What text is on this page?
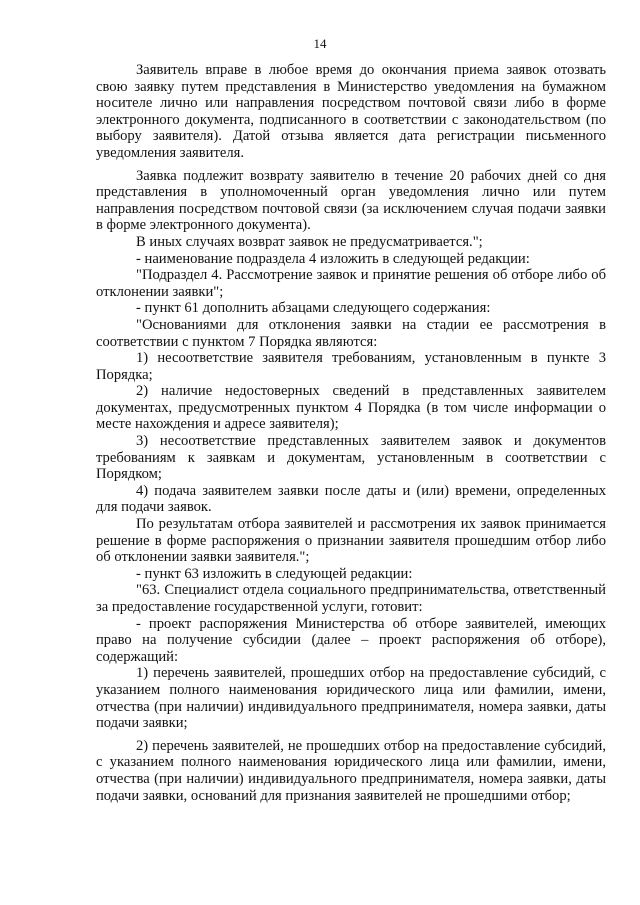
14

Заявитель вправе в любое время до окончания приема заявок отозвать свою заявку путем представления в Министерство уведомления на бумажном носителе лично или направления посредством почтовой связи либо в форме электронного документа, подписанного в соответствии с законодательством (по выбору заявителя). Датой отзыва является дата регистрации письменного уведомления заявителя.

Заявка подлежит возврату заявителю в течение 20 рабочих дней со дня представления в уполномоченный орган уведомления лично или путем направления посредством почтовой связи (за исключением случая подачи заявки в форме электронного документа).

В иных случаях возврат заявок не предусматривается.";

- наименование подраздела 4 изложить в следующей редакции:

"Подраздел 4. Рассмотрение заявок и принятие решения об отборе либо об отклонении заявки";

- пункт 61 дополнить абзацами следующего содержания:

"Основаниями для отклонения заявки на стадии ее рассмотрения в соответствии с пунктом 7 Порядка являются:

1) несоответствие заявителя требованиям, установленным в пункте 3 Порядка;

2) наличие недостоверных сведений в представленных заявителем документах, предусмотренных пунктом 4 Порядка (в том числе информации о месте нахождения и адресе заявителя);

3) несоответствие представленных заявителем заявок и документов требованиям к заявкам и документам, установленным в соответствии с Порядком;

4) подача заявителем заявки после даты и (или) времени, определенных для подачи заявок.

По результатам отбора заявителей и рассмотрения их заявок принимается решение в форме распоряжения о признании заявителя прошедшим отбор либо об отклонении заявки заявителя.";

- пункт 63 изложить в следующей редакции:

"63. Специалист отдела социального предпринимательства, ответственный за предоставление государственной услуги, готовит:

- проект распоряжения Министерства об отборе заявителей, имеющих право на получение субсидии (далее – проект распоряжения об отборе), содержащий:

1) перечень заявителей, прошедших отбор на предоставление субсидий, с указанием полного наименования юридического лица или фамилии, имени, отчества (при наличии) индивидуального предпринимателя, номера заявки, даты подачи заявки;

2) перечень заявителей, не прошедших отбор на предоставление субсидий, с указанием полного наименования юридического лица или фамилии, имени, отчества (при наличии) индивидуального предпринимателя, номера заявки, даты подачи заявки, оснований для признания заявителей не прошедшими отбор;
